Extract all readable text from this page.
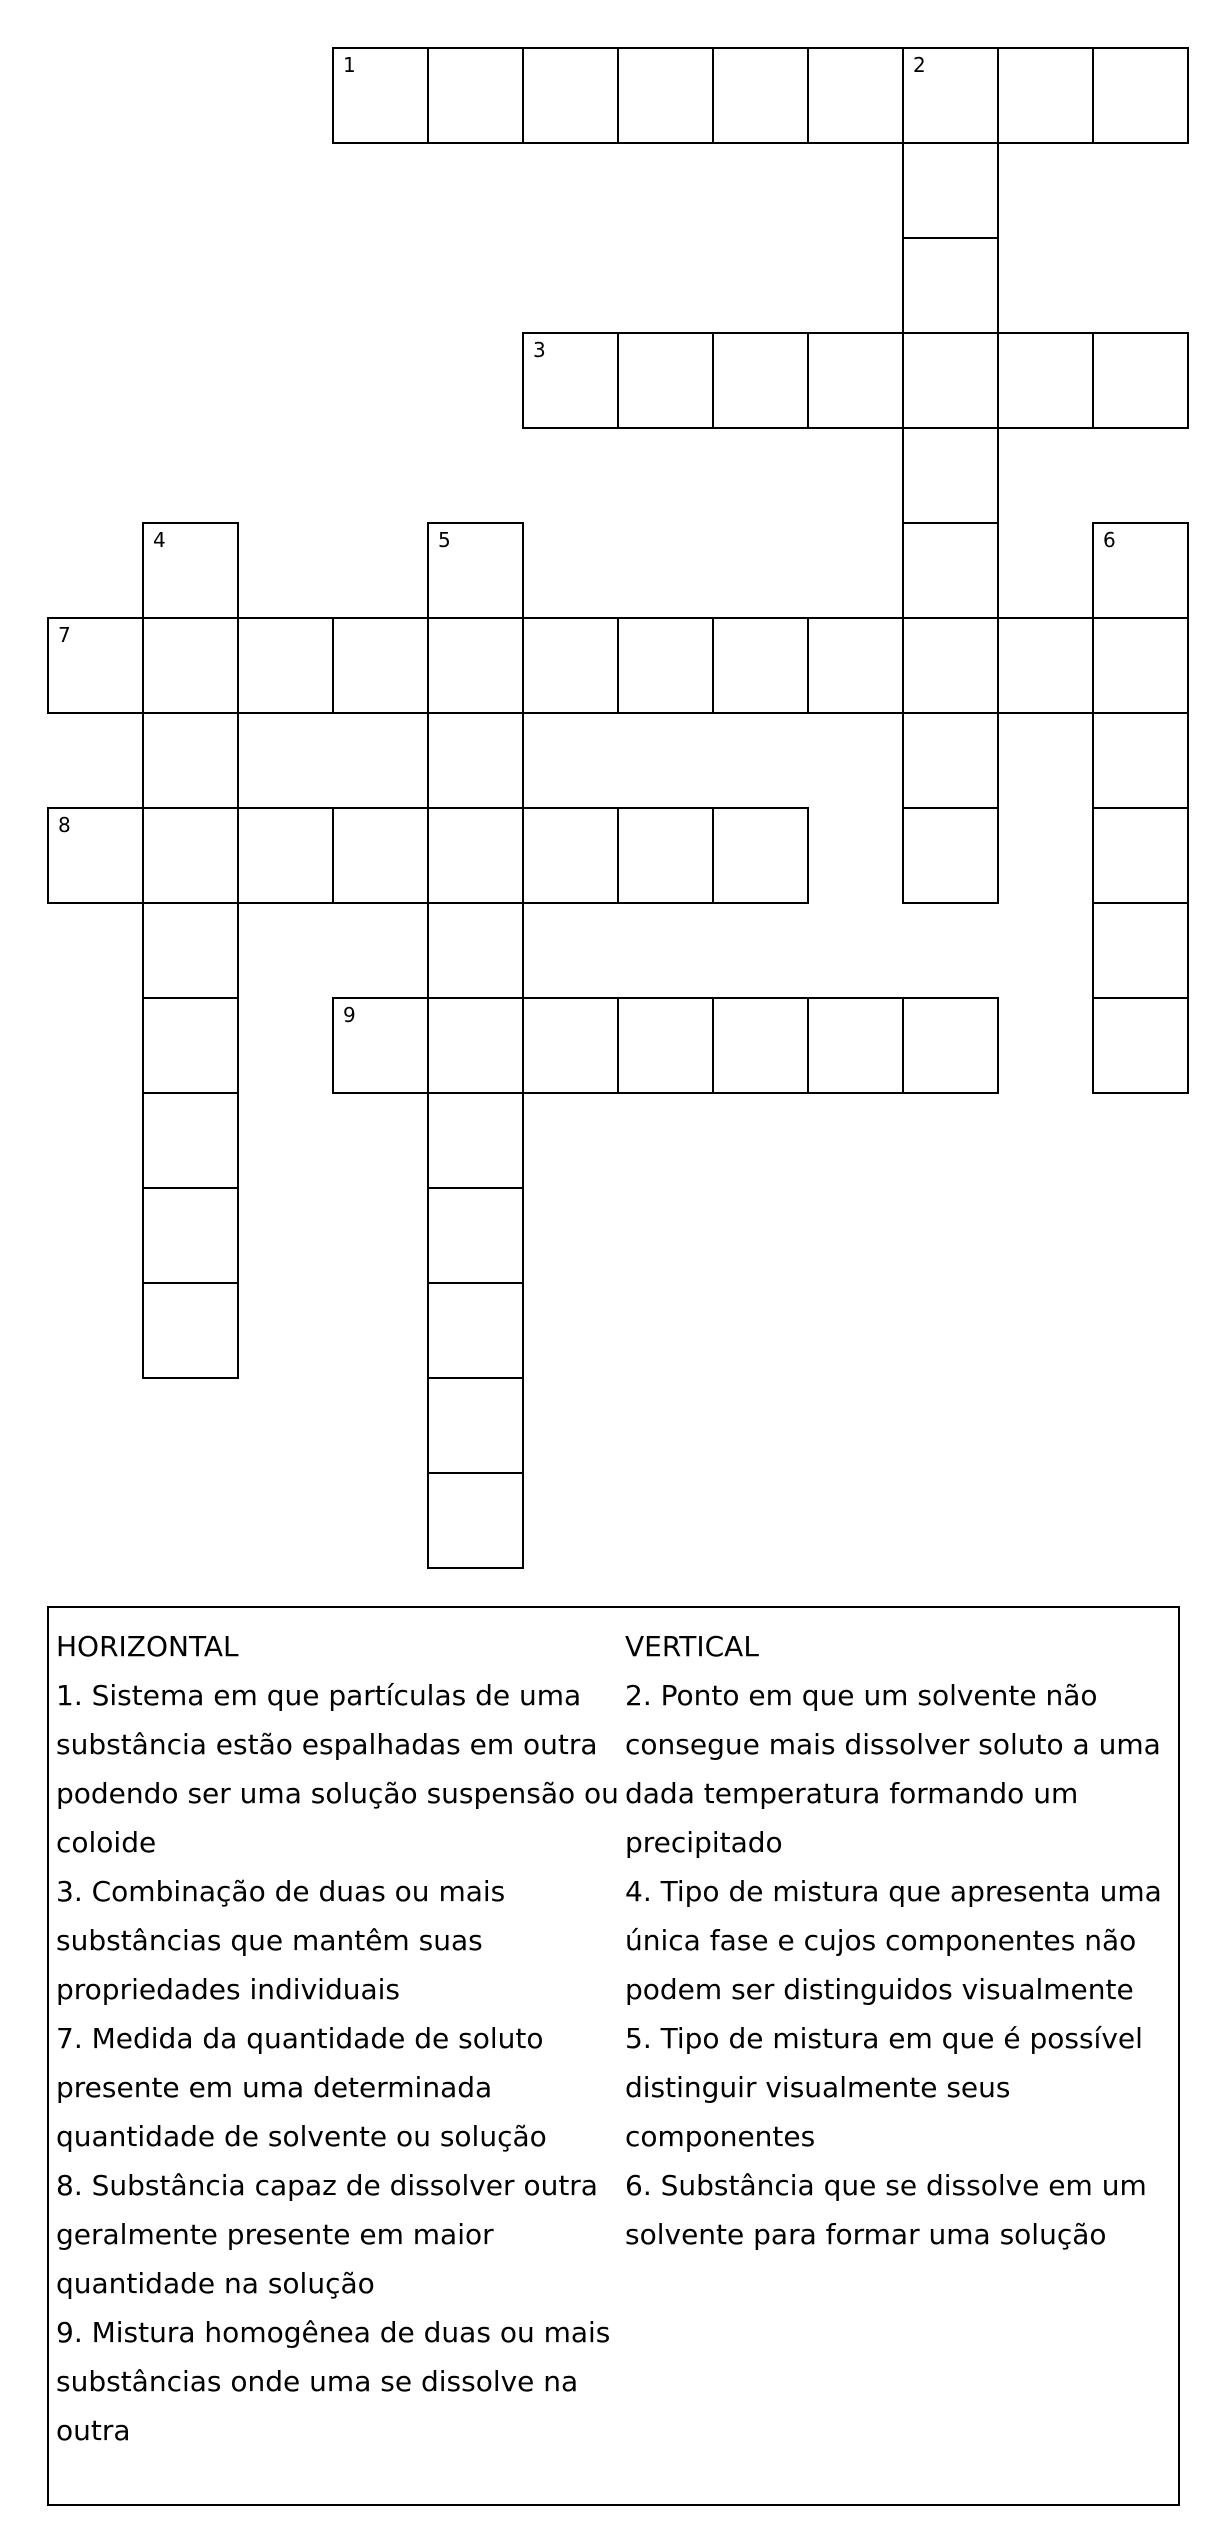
1	2
3
4	5	6
7
8
9
HORIZONTAL
1. Sistema em que partículas de uma substância estão espalhadas em outra podendo ser uma solução suspensão ou coloide
3. Combinação de duas ou mais substâncias que mantêm suas propriedades individuais
7. Medida da quantidade de soluto presente em uma determinada quantidade de solvente ou solução
8. Substância capaz de dissolver outra geralmente presente em maior quantidade na solução
9. Mistura homogênea de duas ou mais substâncias onde uma se dissolve na outra
VERTICAL
2. Ponto em que um solvente não consegue mais dissolver soluto a uma dada temperatura formando um precipitado
4. Tipo de mistura que apresenta uma única fase e cujos componentes não podem ser distinguidos visualmente
5. Tipo de mistura em que é possível distinguir visualmente seus componentes
6. Substância que se dissolve em um solvente para formar uma solução
